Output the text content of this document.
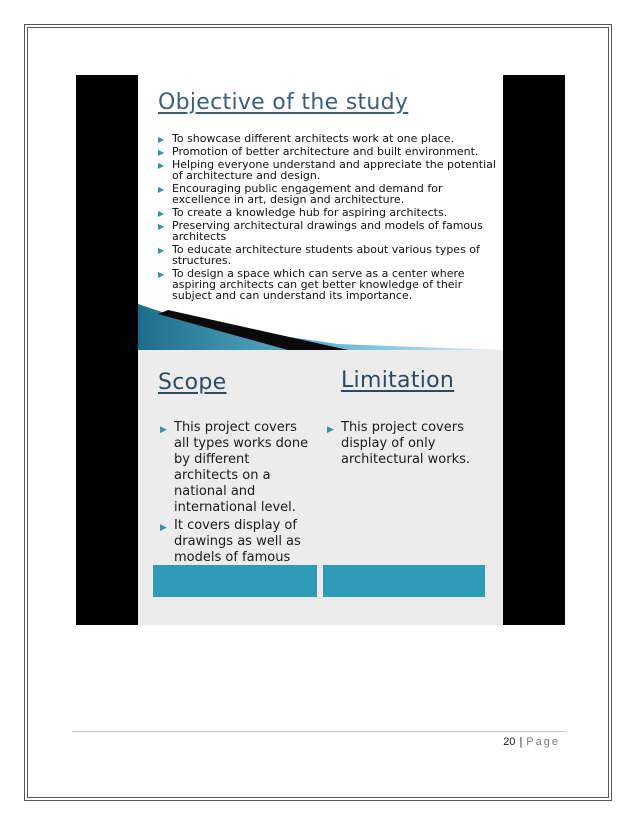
Objective of the study
▶ To showcase different architects work at one place.
▶ Promotion of better architecture and built environment.
▶ Helping everyone understand and appreciate the potential of architecture and design.
▶ Encouraging public engagement and demand for excellence in art, design and architecture.
▶ To create a knowledge hub for aspiring architects.
▶ Preserving architectural drawings and models of famous architects
▶ To educate architecture students about various types of structures.
▶ To design a space which can serve as a center where aspiring architects can get better knowledge of their subject and can understand its importance.
Scope	Limitation
▶ This project covers all types works done by different architects on a national and international level.
▶ It covers display of drawings as well as models of famous
▶ This project covers display of only architectural works.
20 | Page
